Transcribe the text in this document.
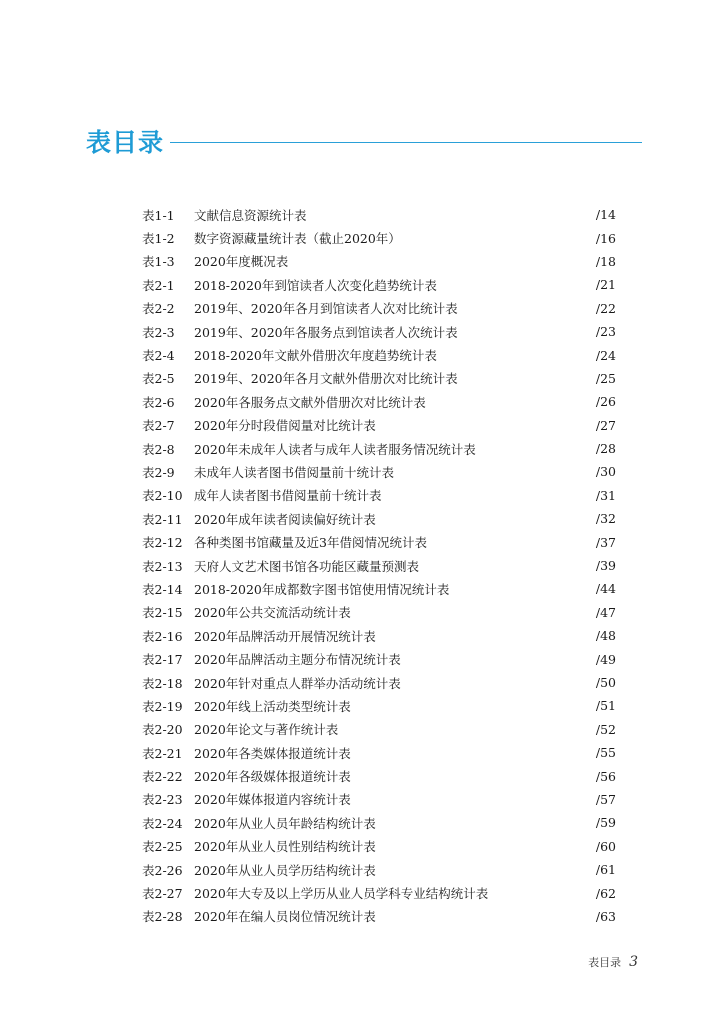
表目录
表1-1	文献信息资源统计表	/14
表1-2	数字资源藏量统计表（截止2020年）	/16
表1-3	2020年度概况表	/18
表2-1	2018-2020年到馆读者人次变化趋势统计表	/21
表2-2	2019年、2020年各月到馆读者人次对比统计表	/22
表2-3	2019年、2020年各服务点到馆读者人次统计表	/23
表2-4	2018-2020年文献外借册次年度趋势统计表	/24
表2-5	2019年、2020年各月文献外借册次对比统计表	/25
表2-6	2020年各服务点文献外借册次对比统计表	/26
表2-7	2020年分时段借阅量对比统计表	/27
表2-8	2020年未成年人读者与成年人读者服务情况统计表	/28
表2-9	未成年人读者图书借阅量前十统计表	/30
表2-10 成年人读者图书借阅量前十统计表	/31
表2-11 2020年成年读者阅读偏好统计表	/32
表2-12 各种类图书馆藏量及近3年借阅情况统计表	/37
表2-13 天府人文艺术图书馆各功能区藏量预测表	/39
表2-14 2018-2020年成都数字图书馆使用情况统计表	/44
表2-15 2020年公共交流活动统计表	/47
表2-16 2020年品牌活动开展情况统计表	/48
表2-17 2020年品牌活动主题分布情况统计表	/49
表2-18 2020年针对重点人群举办活动统计表	/50
表2-19 2020年线上活动类型统计表	/51
表2-20 2020年论文与著作统计表	/52
表2-21 2020年各类媒体报道统计表	/55
表2-22 2020年各级媒体报道统计表	/56
表2-23 2020年媒体报道内容统计表	/57
表2-24 2020年从业人员年龄结构统计表	/59
表2-25 2020年从业人员性别结构统计表	/60
表2-26 2020年从业人员学历结构统计表	/61
表2-27 2020年大专及以上学历从业人员学科专业结构统计表	/62
表2-28 2020年在编人员岗位情况统计表	/63
表目录 3
